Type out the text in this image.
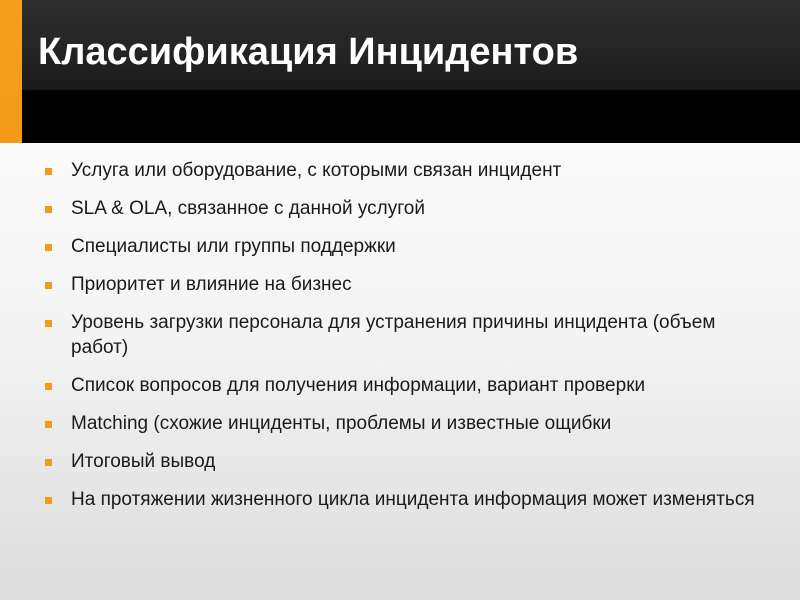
Классификация Инцидентов
Услуга или оборудование, с которыми связан инцидент
SLA & OLA, связанное с данной услугой
Специалисты или группы поддержки
Приоритет и влияние на бизнес
Уровень загрузки персонала для устранения причины инцидента (объем работ)
Список вопросов для получения информации, вариант проверки
Matching (схожие инциденты, проблемы и известные ощибки
Итоговый вывод
На протяжении жизненного цикла инцидента информация может изменяться
